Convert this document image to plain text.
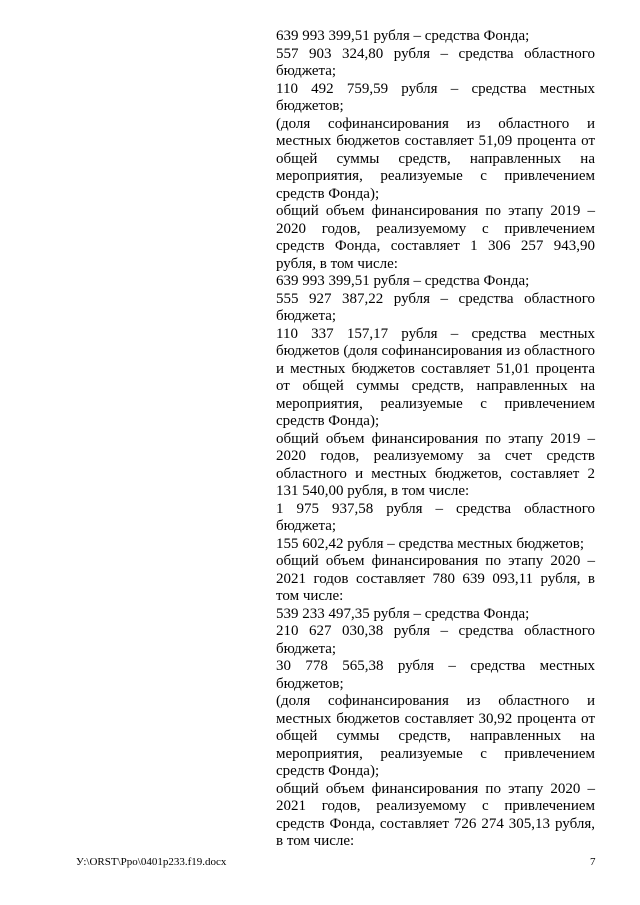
639 993 399,51 рубля – средства Фонда;

557 903 324,80 рубля – средства областного бюджета;

110 492 759,59 рубля – средства местных бюджетов;

(доля софинансирования из областного и местных бюджетов составляет 51,09 процента от общей суммы средств, направленных на мероприятия, реализуемые с привлечением средств Фонда);

общий объем финансирования по этапу 2019 – 2020 годов, реализуемому с привлечением средств Фонда, составляет 1 306 257 943,90 рубля, в том числе:

639 993 399,51 рубля – средства Фонда;

555 927 387,22 рубля – средства областного бюджета;

110 337 157,17 рубля – средства местных бюджетов (доля софинансирования из областного и местных бюджетов составляет 51,01 процента от общей суммы средств, направленных на мероприятия, реализуемые с привлечением средств Фонда);

общий объем финансирования по этапу 2019 – 2020 годов, реализуемому за счет средств областного и местных бюджетов, составляет 2 131 540,00 рубля, в том числе:

1 975 937,58 рубля – средства областного бюджета;

155 602,42 рубля – средства местных бюджетов;

общий объем финансирования по этапу 2020 – 2021 годов составляет 780 639 093,11 рубля, в том числе:

539 233 497,35 рубля – средства Фонда;

210 627 030,38 рубля – средства областного бюджета;

30 778 565,38 рубля – средства местных бюджетов;

(доля софинансирования из областного и местных бюджетов составляет 30,92 процента от общей суммы средств, направленных на мероприятия, реализуемые с привлечением средств Фонда);

общий объем финансирования по этапу 2020 – 2021 годов, реализуемому с привлечением средств Фонда, составляет 726 274 305,13 рубля, в том числе:

У:\ORST\Ppo\0401p233.f19.docx	7
